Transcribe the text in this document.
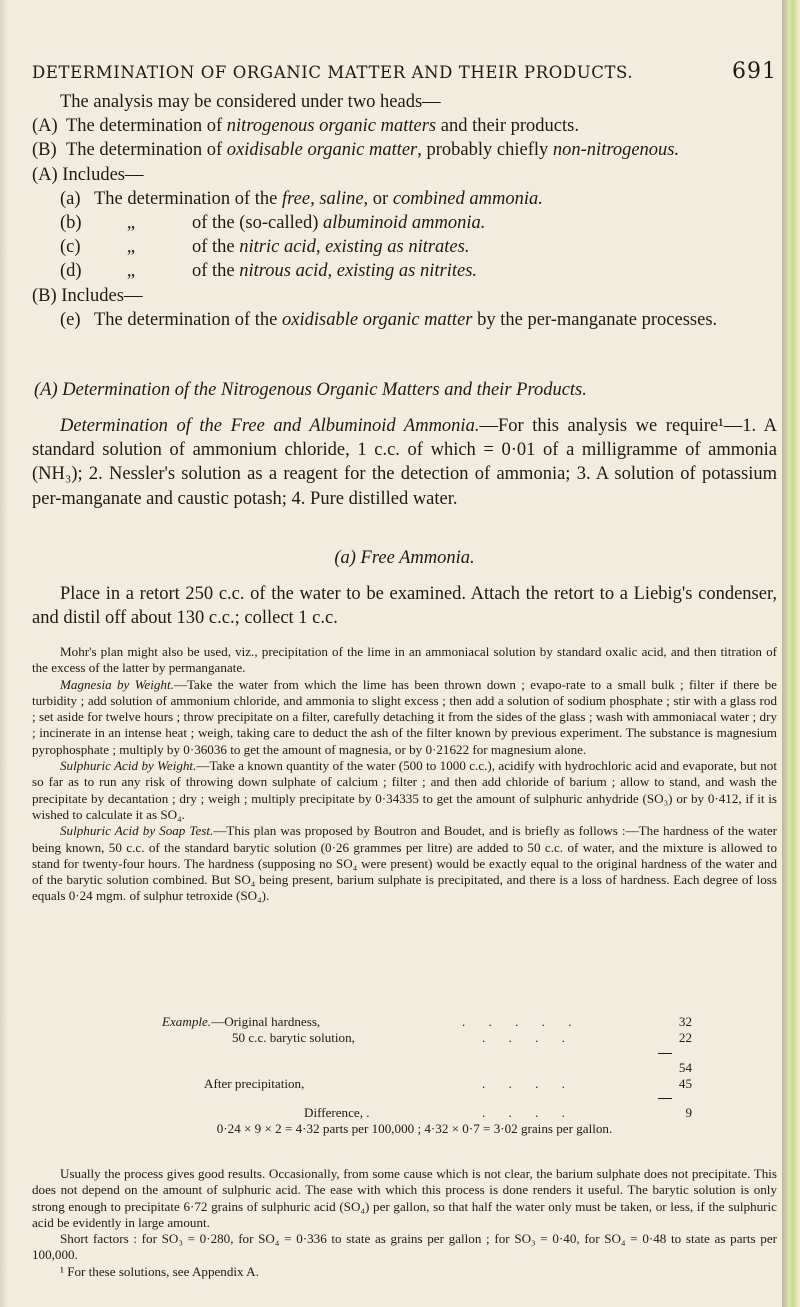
DETERMINATION OF ORGANIC MATTER AND THEIR PRODUCTS.	691

The analysis may be considered under two heads—

(A) The determination of nitrogenous organic matters and their products.
(B) The determination of oxidisable organic matter, probably chiefly non-nitrogenous.

(A) Includes—

(a) The determination of the free, saline, or combined ammonia.
(b)	„	of the (so-called) albuminoid ammonia.
(c)	„	of the nitric acid, existing as nitrates.
(d)	„	of the nitrous acid, existing as nitrites.

(B) Includes—

(e) The determination of the oxidisable organic matter by the per-manganate processes.

(A) Determination of the Nitrogenous Organic Matters and their Products.

Determination of the Free and Albuminoid Ammonia.—For this analysis we require¹—1. A standard solution of ammonium chloride, 1 c.c. of which = 0·01 of a milligramme of ammonia (NH₃); 2. Nessler's solution as a reagent for the detection of ammonia; 3. A solution of potassium per-manganate and caustic potash; 4. Pure distilled water.

(a) Free Ammonia.

Place in a retort 250 c.c. of the water to be examined. Attach the retort to a Liebig's condenser, and distil off about 130 c.c.; collect 1 c.c.

Mohr's plan might also be used, viz., precipitation of the lime in an ammoniacal solution by standard oxalic acid, and then titration of the excess of the latter by permanganate.

Magnesia by Weight.—Take the water from which the lime has been thrown down ; evapo-rate to a small bulk ; filter if there be turbidity ; add solution of ammonium chloride, and ammonia to slight excess ; then add a solution of sodium phosphate ; stir with a glass rod ; set aside for twelve hours ; throw precipitate on a filter, carefully detaching it from the sides of the glass ; wash with ammoniacal water ; dry ; incinerate in an intense heat ; weigh, taking care to deduct the ash of the filter known by previous experiment. The substance is magnesium pyrophosphate ; multiply by 0·36036 to get the amount of magnesia, or by 0·21622 for magnesium alone.

Sulphuric Acid by Weight.—Take a known quantity of the water (500 to 1000 c.c.), acidify with hydrochloric acid and evaporate, but not so far as to run any risk of throwing down sulphate of calcium ; filter ; and then add chloride of barium ; allow to stand, and wash the precipitate by decantation ; dry ; weigh ; multiply precipitate by 0·34335 to get the amount of sulphuric anhydride (SO₃) or by 0·412, if it is wished to calculate it as SO₄.

Sulphuric Acid by Soap Test.—This plan was proposed by Boutron and Boudet, and is briefly as follows :—The hardness of the water being known, 50 c.c. of the standard barytic solution (0·26 grammes per litre) are added to 50 c.c. of water, and the mixture is allowed to stand for twenty-four hours. The hardness (supposing no SO₄ were present) would be exactly equal to the original hardness of the water and of the barytic solution combined. But SO₄ being present, barium sulphate is precipitated, and there is a loss of hardness. Each degree of loss equals 0·24 mgm. of sulphur tetroxide (SO₄).

Example.—Original hardness,	. . . . .	32
50 c.c. barytic solution,	. . . .	22
54
After precipitation,	. . . .	45
Difference, .	. . . .	9

0·24 × 9 × 2 = 4·32 parts per 100,000 ; 4·32 × 0·7 = 3·02 grains per gallon.

Usually the process gives good results. Occasionally, from some cause which is not clear, the barium sulphate does not precipitate. This does not depend on the amount of sulphuric acid. The ease with which this process is done renders it useful. The barytic solution is only strong enough to precipitate 6·72 grains of sulphuric acid (SO₄) per gallon, so that half the water only must be taken, or less, if the sulphuric acid be evidently in large amount.

Short factors : for SO₃ = 0·280, for SO₄ = 0·336 to state as grains per gallon ; for SO₃ = 0·40, for SO₄ = 0·48 to state as parts per 100,000.

¹ For these solutions, see Appendix A.
